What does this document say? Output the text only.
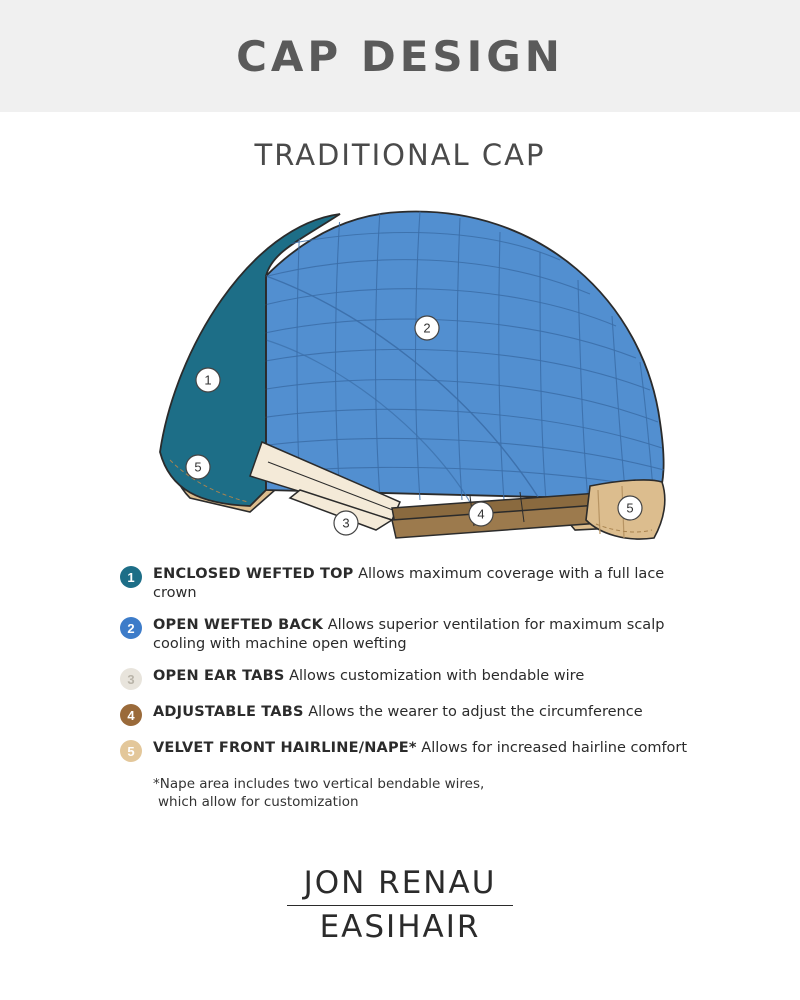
CAP DESIGN
TRADITIONAL CAP
1
2
3
4
5
5
1	ENCLOSED WEFTED TOP Allows maximum coverage with a full lace crown
2	OPEN WEFTED BACK Allows superior ventilation for maximum scalp cooling with machine open wefting
3	OPEN EAR TABS Allows customization with bendable wire
4	ADJUSTABLE TABS Allows the wearer to adjust the circumference
5	VELVET FRONT HAIRLINE/NAPE* Allows for increased hairline comfort
*Nape area includes two vertical bendable wires,
which allow for customization
JON RENAU
EASIHAIR
